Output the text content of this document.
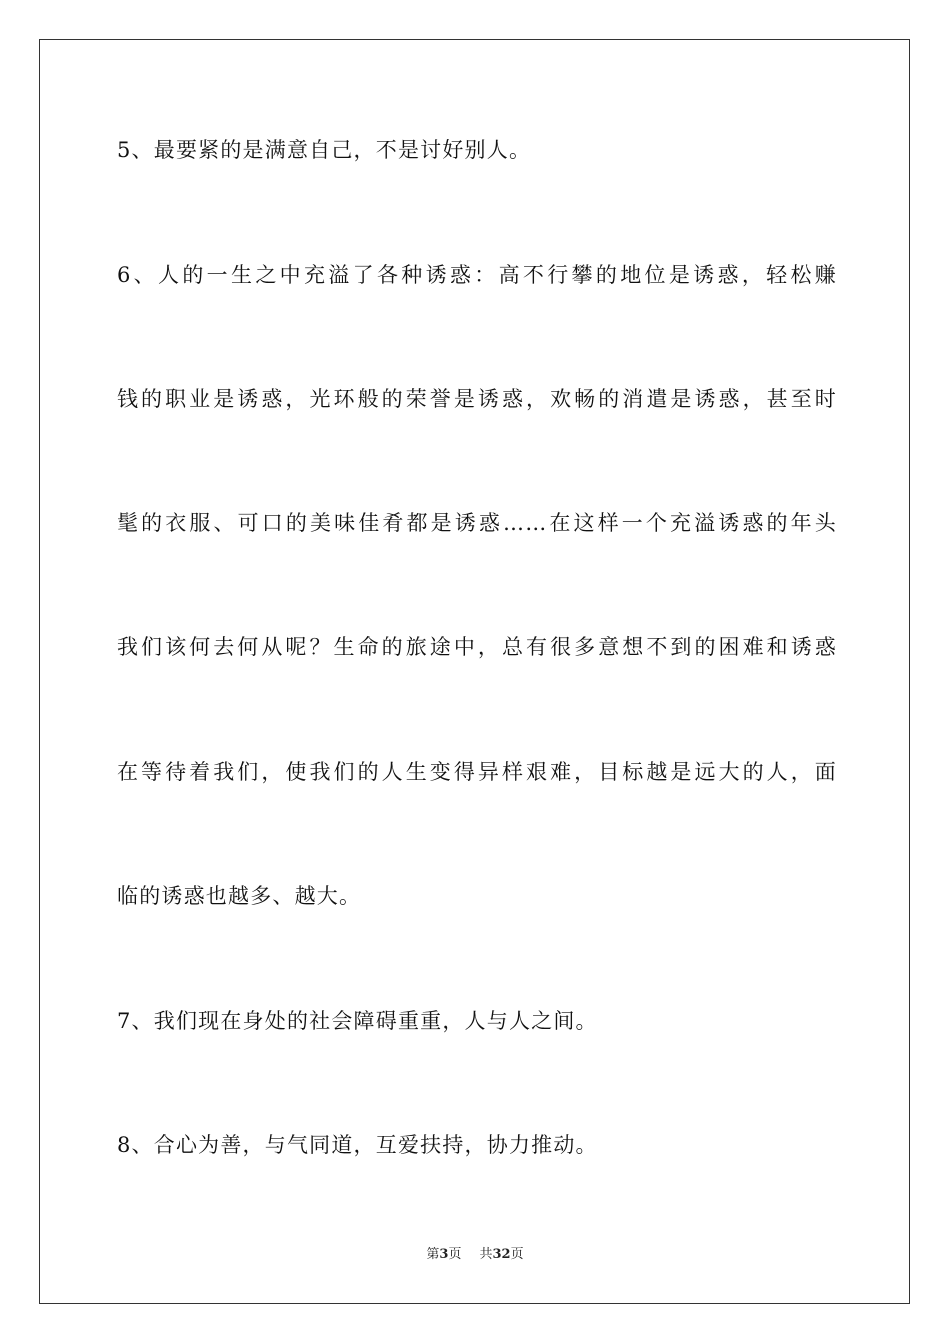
5、最要紧的是满意自己，不是讨好别人。
6、人的一生之中充溢了各种诱惑：高不行攀的地位是诱惑，轻松赚
钱的职业是诱惑，光环般的荣誉是诱惑，欢畅的消遣是诱惑，甚至时
髦的衣服、可口的美味佳肴都是诱惑……在这样一个充溢诱惑的年头
我们该何去何从呢？生命的旅途中，总有很多意想不到的困难和诱惑
在等待着我们，使我们的人生变得异样艰难，目标越是远大的人，面
临的诱惑也越多、越大。
7、我们现在身处的社会障碍重重，人与人之间。
8、合心为善，与气同道，互爱扶持，协力推动。
第3页 共32页
